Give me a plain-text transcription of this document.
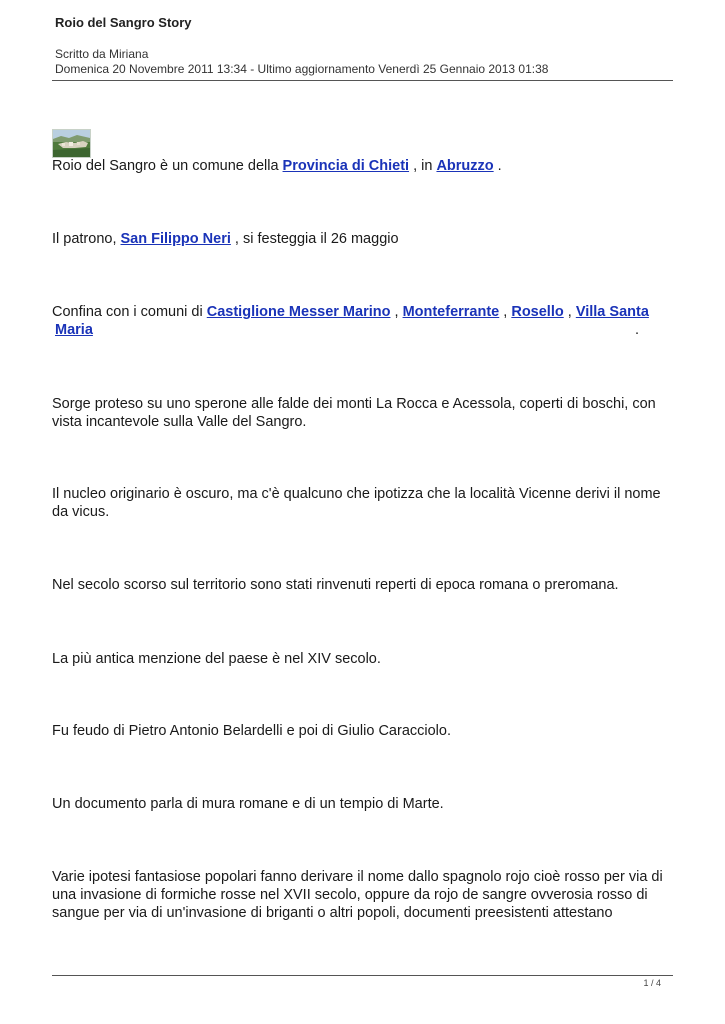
Roio del Sangro Story
Scritto da Miriana
Domenica 20 Novembre 2011 13:34 - Ultimo aggiornamento Venerdì 25 Gennaio 2013 01:38
Roio del Sangro è un comune della Provincia di Chieti , in Abruzzo .
Il patrono, San Filippo Neri , si festeggia il 26 maggio
Confina con i comuni di Castiglione Messer Marino , Monteferrante , Rosello , Villa Santa
Maria	.
Sorge proteso su uno sperone alle falde dei monti La Rocca e Acessola, coperti di boschi, con vista incantevole sulla Valle del Sangro.
Il nucleo originario è oscuro, ma c'è qualcuno che ipotizza che la località Vicenne derivi il nome da vicus.
Nel secolo scorso sul territorio sono stati rinvenuti reperti di epoca romana o preromana.
La più antica menzione del paese è nel XIV secolo.
Fu feudo di Pietro Antonio Belardelli e poi di Giulio Caracciolo.
Un documento parla di mura romane e di un tempio di Marte.
Varie ipotesi fantasiose popolari fanno derivare il nome dallo spagnolo rojo cioè rosso per via di una invasione di formiche rosse nel XVII secolo, oppure da rojo de sangre ovverosia rosso di sangue per via di un'invasione di briganti o altri popoli, documenti preesistenti attestano
1 / 4
